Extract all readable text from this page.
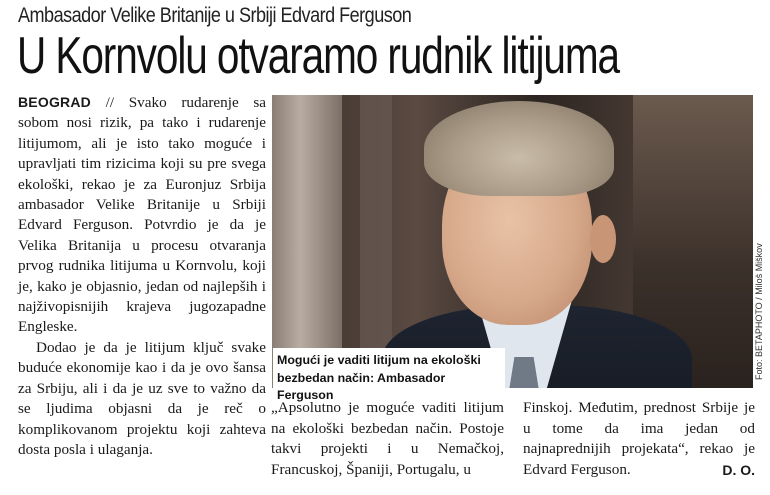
Ambasador Velike Britanije u Srbiji Edvard Ferguson
U Kornvolu otvaramo rudnik litijuma

BEOGRAD // Svako rudarenje sa sobom nosi rizik, pa tako i rudarenje litijumom, ali je isto tako moguće i upravljati tim rizicima koji su pre svega ekološki, rekao je za Euronjuz Srbija ambasador Velike Britanije u Srbiji Edvard Ferguson. Potvrdio je da je Velika Britanija u procesu otvaranja prvog rudnika litijuma u Kornvolu, koji je, kako je objasnio, jedan od najlepših i najživopisnijih krajeva jugozapadne Engleske.

Dodao je da je litijum ključ svake buduće ekonomije kao i da je ovo šansa za Srbiju, ali i da je uz sve to važno da se ljudima objasni da je reč o komplikovanom projektu koji zahteva dosta posla i ulaganja.

Mogući je vaditi litijum na ekološki bezbedan način: Ambasador Ferguson
Foto: BETAPHOTO / Miloš Miškov

„Apsolutno je moguće vaditi litijum na ekološki bezbedan način. Postoje takvi projekti i u Nemačkoj, Francuskoj, Španiji, Portugalu, u

Finskoj. Međutim, prednost Srbije je u tome da ima jedan od najnaprednijih projekata“, rekao je Edvard Ferguson.	D. O.
